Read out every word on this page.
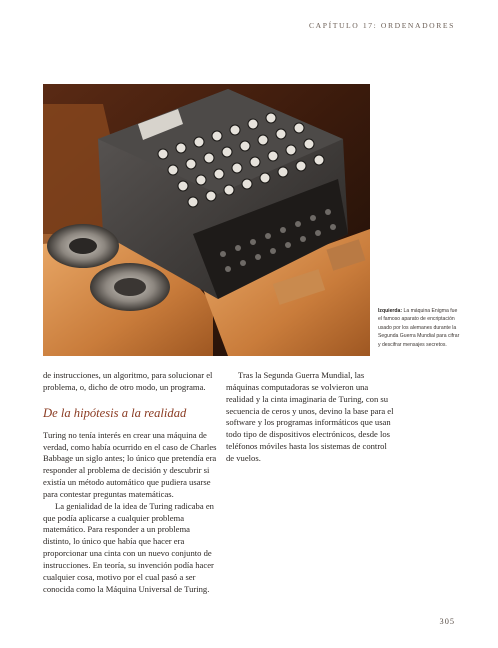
CAPÍTULO 17: ORDENADORES
Izquierda: La máquina Enigma fue el famoso aparato de encriptación usado por los alemanes durante la Segunda Guerra Mundial para cifrar y descifrar mensajes secretos.

de instrucciones, un algoritmo, para solucionar el problema, o, dicho de otro modo, un programa.

De la hipótesis a la realidad

Turing no tenía interés en crear una máquina de verdad, como había ocurrido en el caso de Charles Babbage un siglo antes; lo único que pretendía era responder al problema de decisión y descubrir si existía un método automático que pudiera usarse para contestar preguntas matemáticas.

La genialidad de la idea de Turing radicaba en que podía aplicarse a cualquier problema matemático. Para responder a un problema distinto, lo único que había que hacer era proporcionar una cinta con un nuevo conjunto de instrucciones. En teoría, su invención podía hacer cualquier cosa, motivo por el cual pasó a ser conocida como la Máquina Universal de Turing.

Tras la Segunda Guerra Mundial, las máquinas computadoras se volvieron una realidad y la cinta imaginaria de Turing, con su secuencia de ceros y unos, devino la base para el software y los programas informáticos que usan todo tipo de dispositivos electrónicos, desde los teléfonos móviles hasta los sistemas de control de vuelos.

305
